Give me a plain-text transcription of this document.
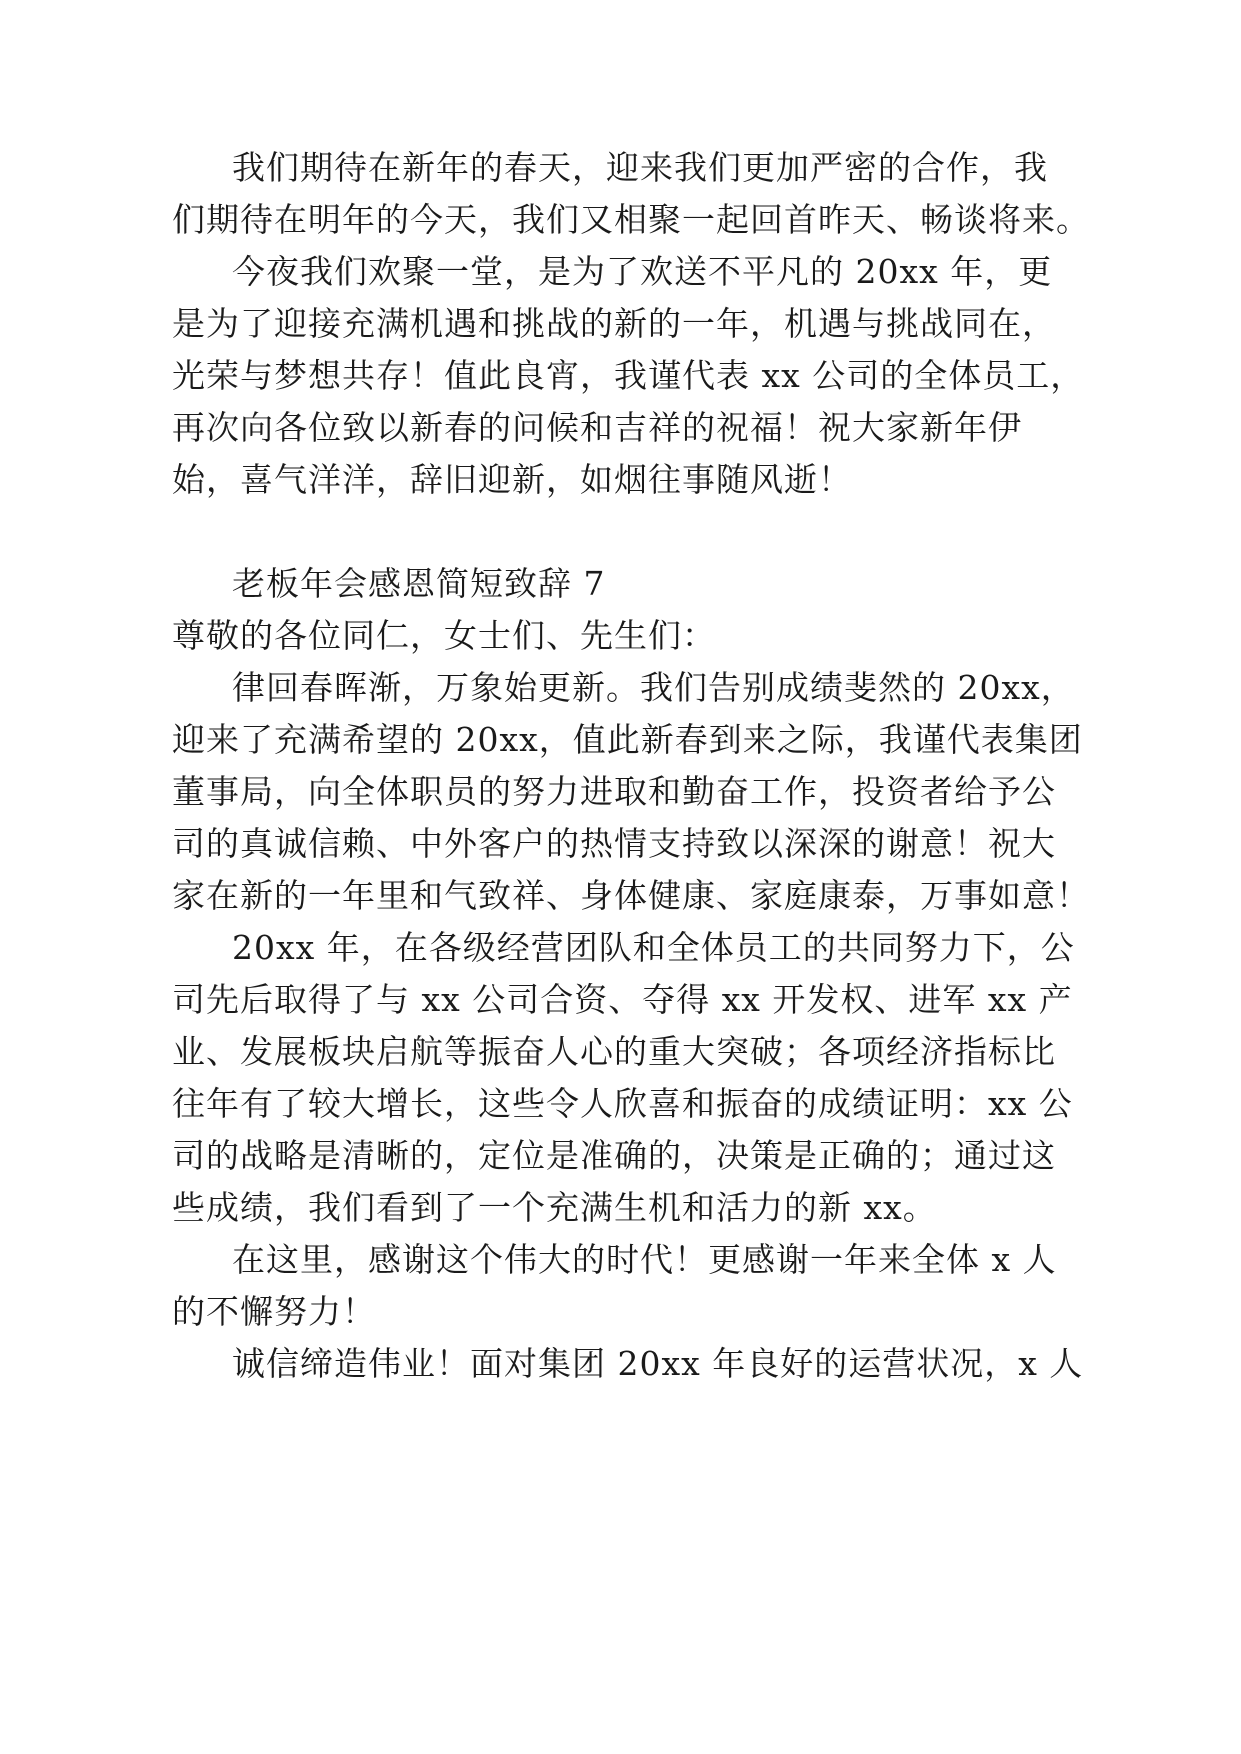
我们期待在新年的春天，迎来我们更加严密的合作，我
们期待在明年的今天，我们又相聚一起回首昨天、畅谈将来。
今夜我们欢聚一堂，是为了欢送不平凡的 20xx 年，更
是为了迎接充满机遇和挑战的新的一年，机遇与挑战同在，
光荣与梦想共存！值此良宵，我谨代表 xx 公司的全体员工，
再次向各位致以新春的问候和吉祥的祝福！祝大家新年伊
始，喜气洋洋，辞旧迎新，如烟往事随风逝！
老板年会感恩简短致辞 7
尊敬的各位同仁，女士们、先生们：
律回春晖渐，万象始更新。我们告别成绩斐然的 20xx，
迎来了充满希望的 20xx，值此新春到来之际，我谨代表集团
董事局，向全体职员的努力进取和勤奋工作，投资者给予公
司的真诚信赖、中外客户的热情支持致以深深的谢意！祝大
家在新的一年里和气致祥、身体健康、家庭康泰，万事如意！
20xx 年，在各级经营团队和全体员工的共同努力下，公
司先后取得了与 xx 公司合资、夺得 xx 开发权、进军 xx 产
业、发展板块启航等振奋人心的重大突破；各项经济指标比
往年有了较大增长，这些令人欣喜和振奋的成绩证明：xx 公
司的战略是清晰的，定位是准确的，决策是正确的；通过这
些成绩，我们看到了一个充满生机和活力的新 xx。
在这里，感谢这个伟大的时代！更感谢一年来全体 x 人
的不懈努力！
诚信缔造伟业！面对集团 20xx 年良好的运营状况，x 人
